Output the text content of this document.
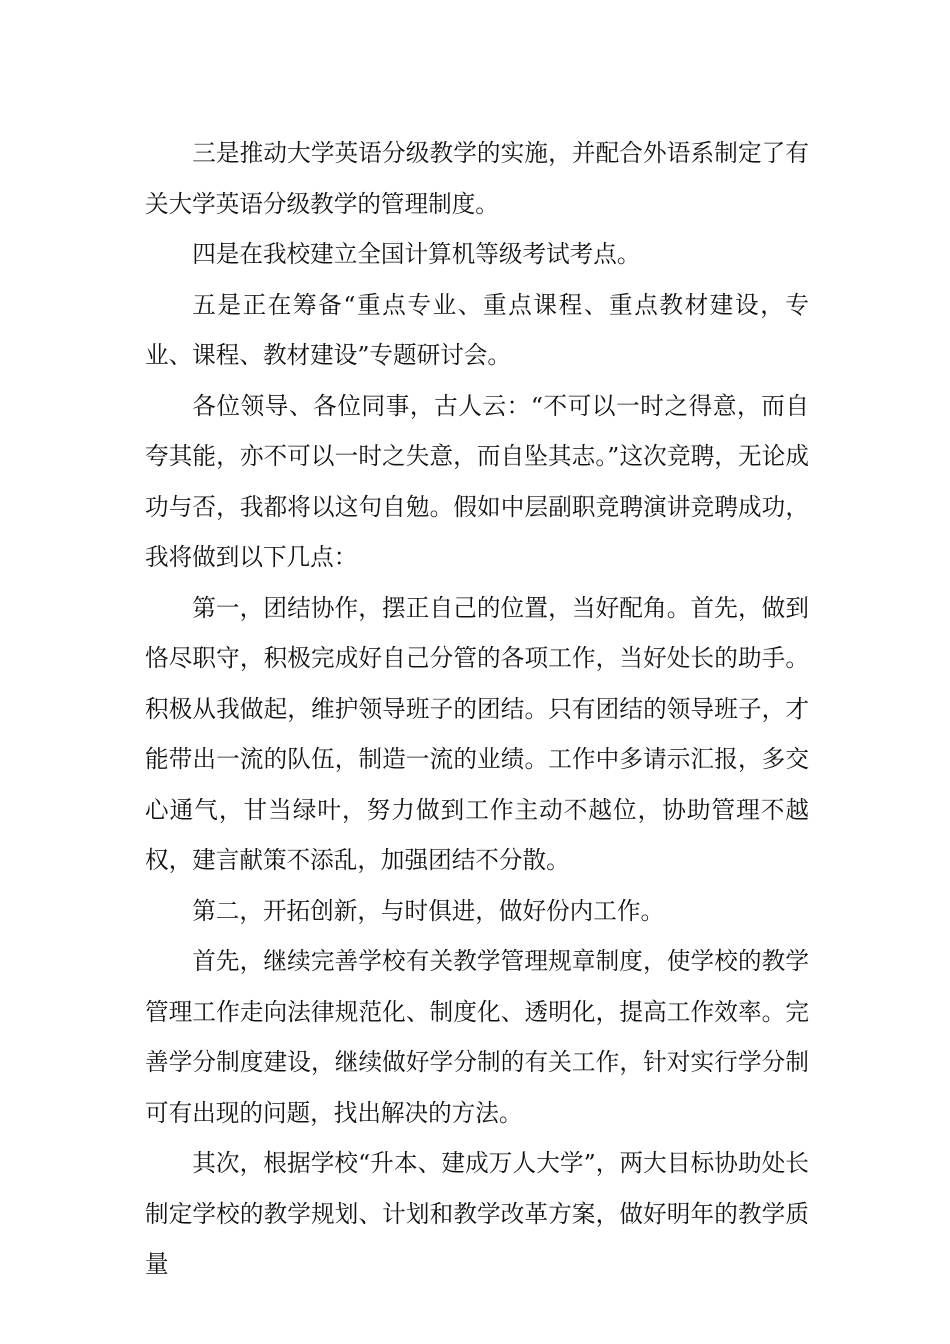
三是推动大学英语分级教学的实施，并配合外语系制定了有关大学英语分级教学的管理制度。

四是在我校建立全国计算机等级考试考点。

五是正在筹备“重点专业、重点课程、重点教材建设，专业、课程、教材建设”专题研讨会。

各位领导、各位同事，古人云：“不可以一时之得意，而自夸其能，亦不可以一时之失意，而自坠其志。”这次竞聘，无论成功与否，我都将以这句自勉。假如中层副职竞聘演讲竞聘成功，我将做到以下几点：

第一，团结协作，摆正自己的位置，当好配角。首先，做到恪尽职守，积极完成好自己分管的各项工作，当好处长的助手。积极从我做起，维护领导班子的团结。只有团结的领导班子，才能带出一流的队伍，制造一流的业绩。工作中多请示汇报，多交心通气，甘当绿叶，努力做到工作主动不越位，协助管理不越权，建言献策不添乱，加强团结不分散。

第二，开拓创新，与时俱进，做好份内工作。

首先，继续完善学校有关教学管理规章制度，使学校的教学管理工作走向法律规范化、制度化、透明化，提高工作效率。完善学分制度建设，继续做好学分制的有关工作，针对实行学分制可有出现的问题，找出解决的方法。

其次，根据学校“升本、建成万人大学”，两大目标协助处长制定学校的教学规划、计划和教学改革方案，做好明年的教学质量
